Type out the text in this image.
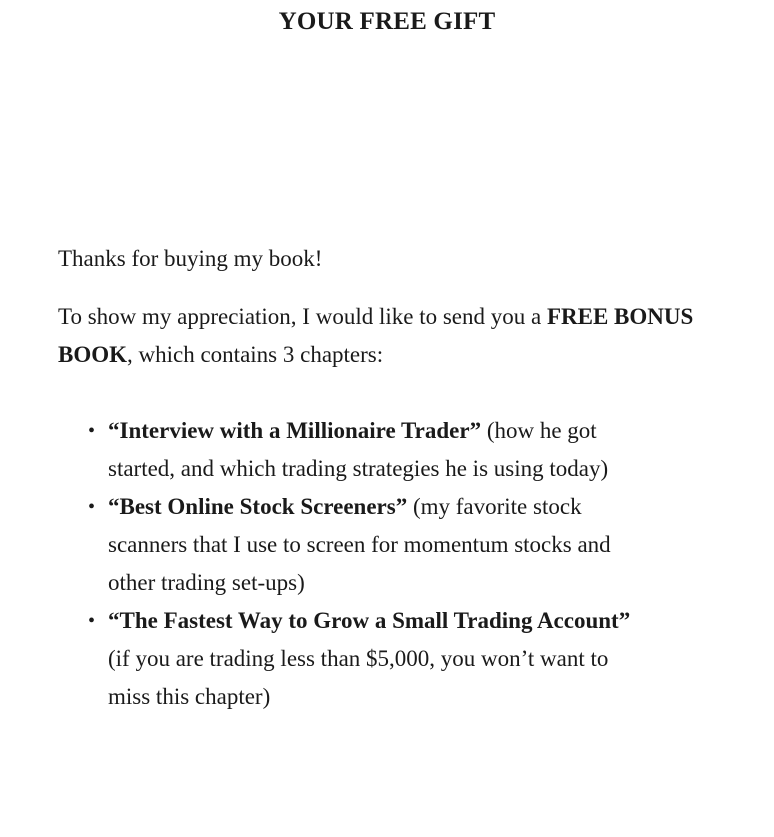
YOUR FREE GIFT

Thanks for buying my book!

To show my appreciation, I would like to send you a FREE BONUS BOOK, which contains 3 chapters:

• “Interview with a Millionaire Trader” (how he got started, and which trading strategies he is using today)
• “Best Online Stock Screeners” (my favorite stock scanners that I use to screen for momentum stocks and other trading set-ups)
• “The Fastest Way to Grow a Small Trading Account” (if you are trading less than $5,000, you won’t want to miss this chapter)
